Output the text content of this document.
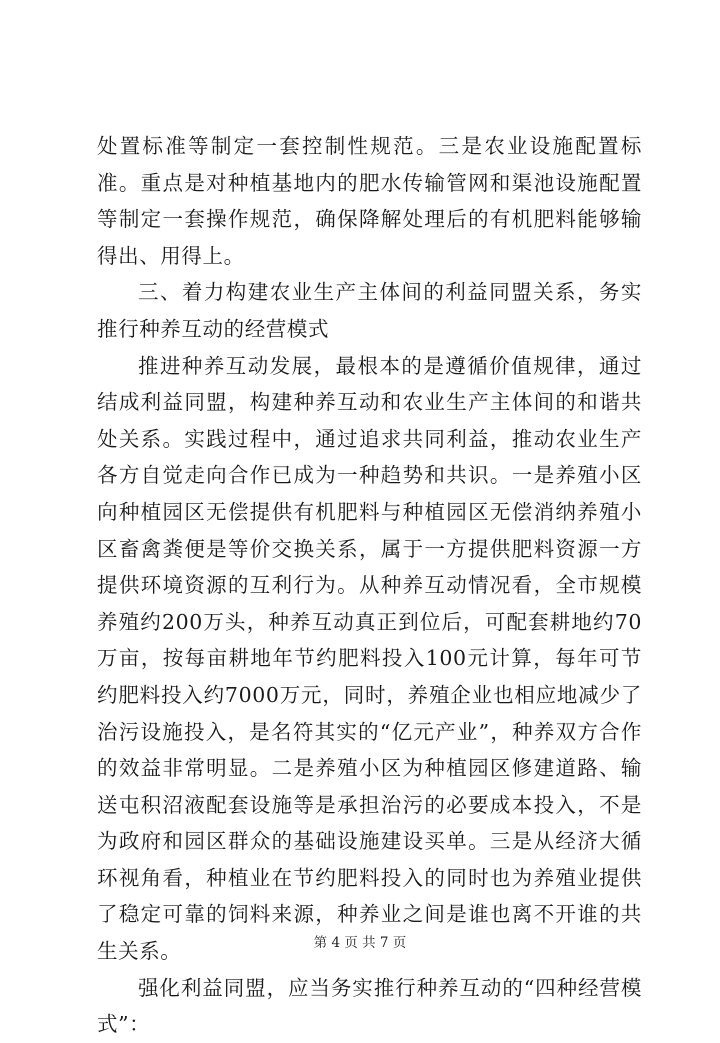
处置标准等制定一套控制性规范。三是农业设施配置标准。重点是对种植基地内的肥水传输管网和渠池设施配置等制定一套操作规范，确保降解处理后的有机肥料能够输得出、用得上。

三、着力构建农业生产主体间的利益同盟关系，务实推行种养互动的经营模式

推进种养互动发展，最根本的是遵循价值规律，通过结成利益同盟，构建种养互动和农业生产主体间的和谐共处关系。实践过程中，通过追求共同利益，推动农业生产各方自觉走向合作已成为一种趋势和共识。一是养殖小区向种植园区无偿提供有机肥料与种植园区无偿消纳养殖小区畜禽粪便是等价交换关系，属于一方提供肥料资源一方提供环境资源的互利行为。从种养互动情况看，全市规模养殖约200万头，种养互动真正到位后，可配套耕地约70万亩，按每亩耕地年节约肥料投入100元计算，每年可节约肥料投入约7000万元，同时，养殖企业也相应地减少了治污设施投入，是名符其实的“亿元产业”，种养双方合作的效益非常明显。二是养殖小区为种植园区修建道路、输送屯积沼液配套设施等是承担治污的必要成本投入，不是为政府和园区群众的基础设施建设买单。三是从经济大循环视角看，种植业在节约肥料投入的同时也为养殖业提供了稳定可靠的饲料来源，种养业之间是谁也离不开谁的共生关系。

强化利益同盟，应当务实推行种养互动的“四种经营模式”：

第 4 页 共 7 页
